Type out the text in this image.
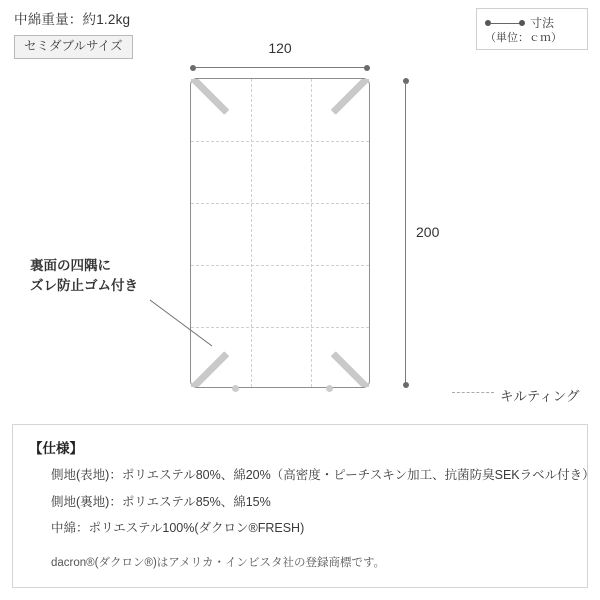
中綿重量：約1.2kg
セミダブルサイズ
寸法
（単位：ｃｍ）
120
200
裏面の四隅に
ズレ防止ゴム付き
キルティング
【仕様】
側地(表地)：ポリエステル80%、綿20%（高密度・ピーチスキン加工、抗菌防臭SEKラベル付き）
側地(裏地)：ポリエステル85%、綿15%
中綿：ポリエステル100%(ダクロン®FRESH)
dacron®(ダクロン®)はアメリカ・インビスタ社の登録商標です。
